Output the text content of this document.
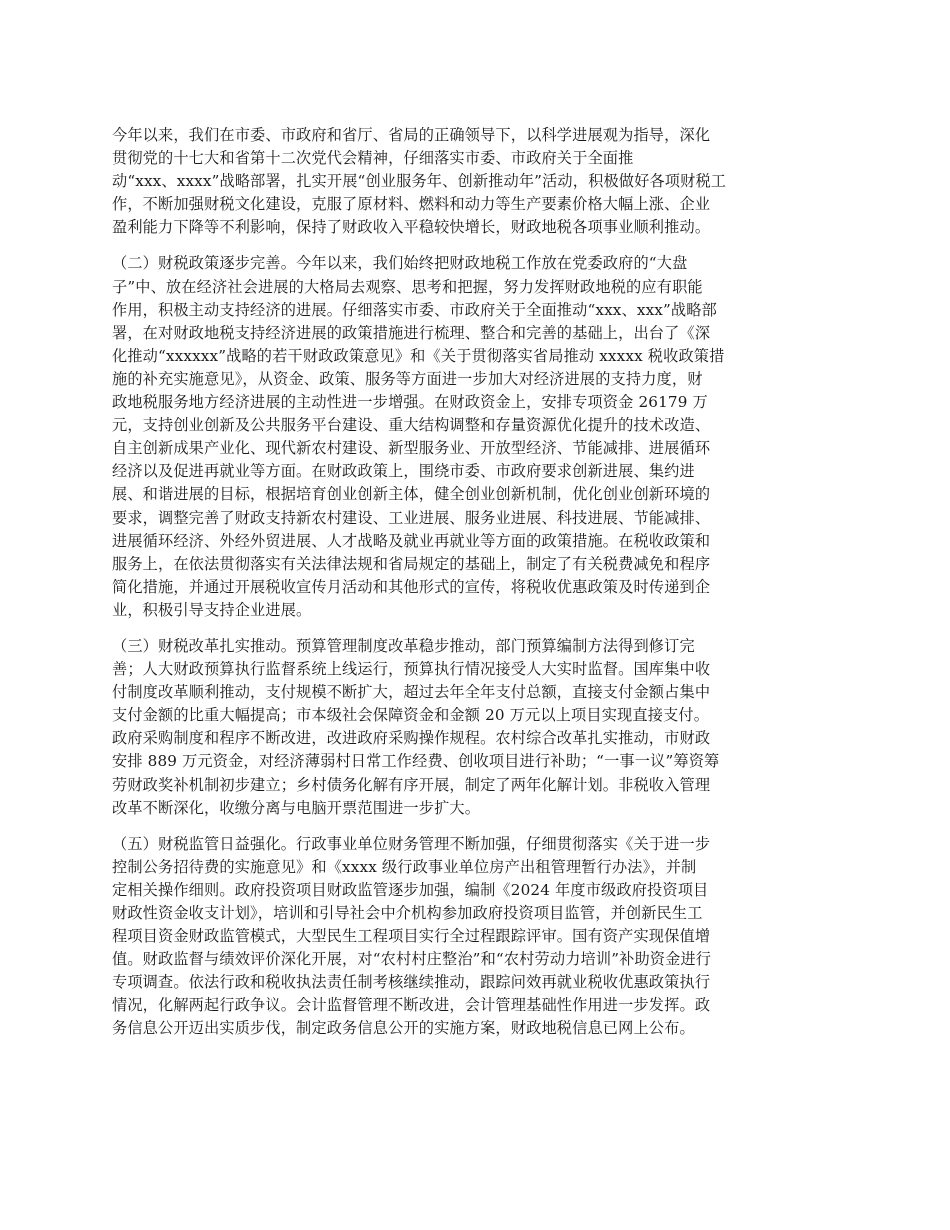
今年以来，我们在市委、市政府和省厅、省局的正确领导下，以科学进展观为指导，深化
贯彻党的十七大和省第十二次党代会精神，仔细落实市委、市政府关于全面推
动“xxx、xxxx”战略部署，扎实开展“创业服务年、创新推动年”活动，积极做好各项财税工
作，不断加强财税文化建设，克服了原材料、燃料和动力等生产要素价格大幅上涨、企业
盈利能力下降等不利影响，保持了财政收入平稳较快增长，财政地税各项事业顺利推动。
（二）财税政策逐步完善。今年以来，我们始终把财政地税工作放在党委政府的“大盘
子”中、放在经济社会进展的大格局去观察、思考和把握，努力发挥财政地税的应有职能
作用，积极主动支持经济的进展。仔细落实市委、市政府关于全面推动“xxx、xxx”战略部
署，在对财政地税支持经济进展的政策措施进行梳理、整合和完善的基础上，出台了《深
化推动“xxxxxx”战略的若干财政政策意见》和《关于贯彻落实省局推动 xxxxx 税收政策措
施的补充实施意见》，从资金、政策、服务等方面进一步加大对经济进展的支持力度，财
政地税服务地方经济进展的主动性进一步增强。在财政资金上，安排专项资金 26179 万
元，支持创业创新及公共服务平台建设、重大结构调整和存量资源优化提升的技术改造、
自主创新成果产业化、现代新农村建设、新型服务业、开放型经济、节能减排、进展循环
经济以及促进再就业等方面。在财政政策上，围绕市委、市政府要求创新进展、集约进
展、和谐进展的目标，根据培育创业创新主体，健全创业创新机制，优化创业创新环境的
要求，调整完善了财政支持新农村建设、工业进展、服务业进展、科技进展、节能减排、
进展循环经济、外经外贸进展、人才战略及就业再就业等方面的政策措施。在税收政策和
服务上，在依法贯彻落实有关法律法规和省局规定的基础上，制定了有关税费减免和程序
简化措施，并通过开展税收宣传月活动和其他形式的宣传，将税收优惠政策及时传递到企
业，积极引导支持企业进展。
（三）财税改革扎实推动。预算管理制度改革稳步推动，部门预算编制方法得到修订完
善；人大财政预算执行监督系统上线运行，预算执行情况接受人大实时监督。国库集中收
付制度改革顺利推动，支付规模不断扩大，超过去年全年支付总额，直接支付金额占集中
支付金额的比重大幅提高；市本级社会保障资金和金额 20 万元以上项目实现直接支付。
政府采购制度和程序不断改进，改进政府采购操作规程。农村综合改革扎实推动，市财政
安排 889 万元资金，对经济薄弱村日常工作经费、创收项目进行补助；“一事一议”筹资筹
劳财政奖补机制初步建立；乡村债务化解有序开展，制定了两年化解计划。非税收入管理
改革不断深化，收缴分离与电脑开票范围进一步扩大。
（五）财税监管日益强化。行政事业单位财务管理不断加强，仔细贯彻落实《关于进一步
控制公务招待费的实施意见》和《xxxx 级行政事业单位房产出租管理暂行办法》，并制
定相关操作细则。政府投资项目财政监管逐步加强，编制《2024 年度市级政府投资项目
财政性资金收支计划》，培训和引导社会中介机构参加政府投资项目监管，并创新民生工
程项目资金财政监管模式，大型民生工程项目实行全过程跟踪评审。国有资产实现保值增
值。财政监督与绩效评价深化开展，对“农村村庄整治”和“农村劳动力培训”补助资金进行
专项调查。依法行政和税收执法责任制考核继续推动，跟踪问效再就业税收优惠政策执行
情况，化解两起行政争议。会计监督管理不断改进，会计管理基础性作用进一步发挥。政
务信息公开迈出实质步伐，制定政务信息公开的实施方案，财政地税信息已网上公布。
